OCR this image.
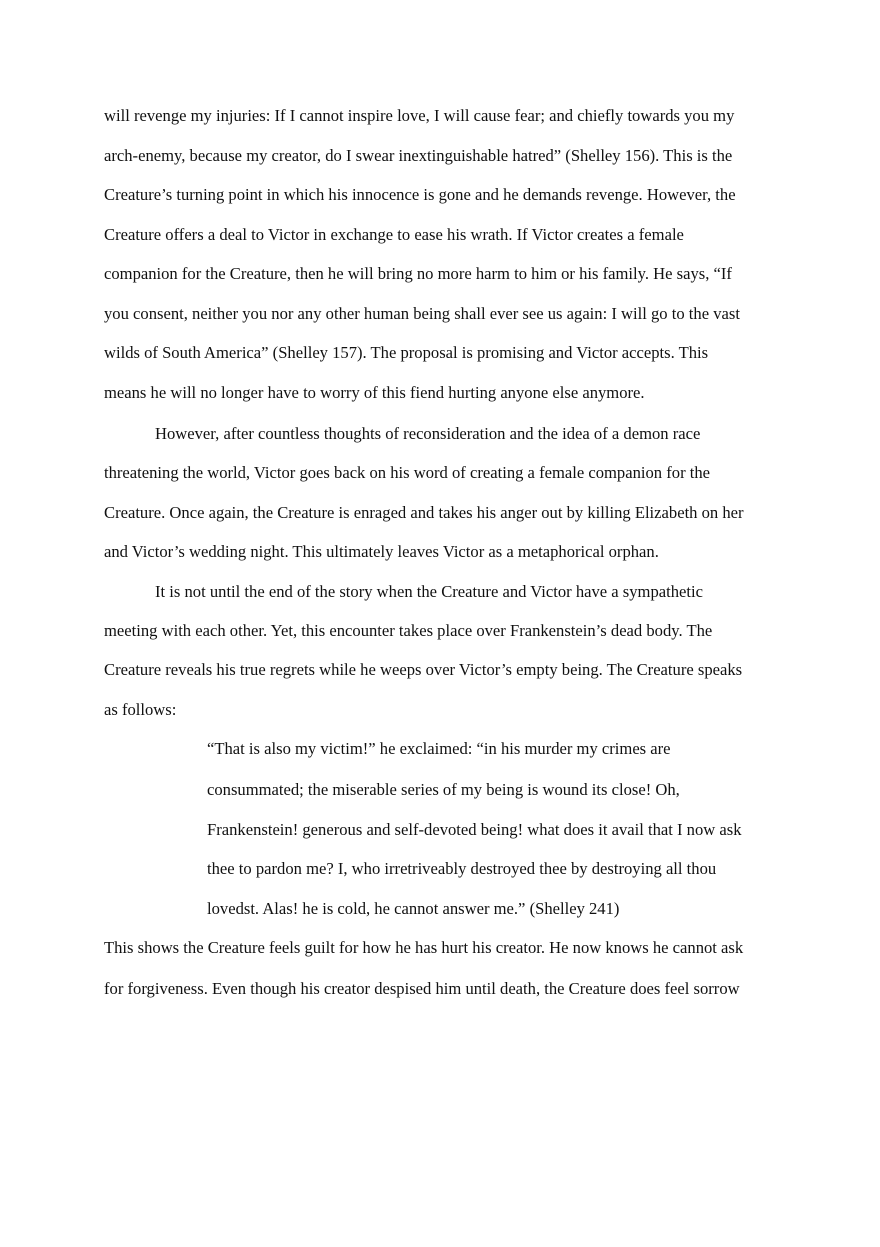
will revenge my injuries: If I cannot inspire love, I will cause fear; and chiefly towards you my
arch-enemy, because my creator, do I swear inextinguishable hatred” (Shelley 156). This is the
Creature’s turning point in which his innocence is gone and he demands revenge. However, the
Creature offers a deal to Victor in exchange to ease his wrath. If Victor creates a female
companion for the Creature, then he will bring no more harm to him or his family. He says, “If
you consent, neither you nor any other human being shall ever see us again: I will go to the vast
wilds of South America” (Shelley 157). The proposal is promising and Victor accepts. This
means he will no longer have to worry of this fiend hurting anyone else anymore.
However, after countless thoughts of reconsideration and the idea of a demon race
threatening the world, Victor goes back on his word of creating a female companion for the
Creature. Once again, the Creature is enraged and takes his anger out by killing Elizabeth on her
and Victor’s wedding night. This ultimately leaves Victor as a metaphorical orphan.
It is not until the end of the story when the Creature and Victor have a sympathetic
meeting with each other. Yet, this encounter takes place over Frankenstein’s dead body. The
Creature reveals his true regrets while he weeps over Victor’s empty being. The Creature speaks
as follows:
“That is also my victim!” he exclaimed: “in his murder my crimes are
consummated; the miserable series of my being is wound its close! Oh,
Frankenstein! generous and self-devoted being! what does it avail that I now ask
thee to pardon me? I, who irretriveably destroyed thee by destroying all thou
lovedst. Alas! he is cold, he cannot answer me.” (Shelley 241)
This shows the Creature feels guilt for how he has hurt his creator. He now knows he cannot ask
for forgiveness. Even though his creator despised him until death, the Creature does feel sorrow
